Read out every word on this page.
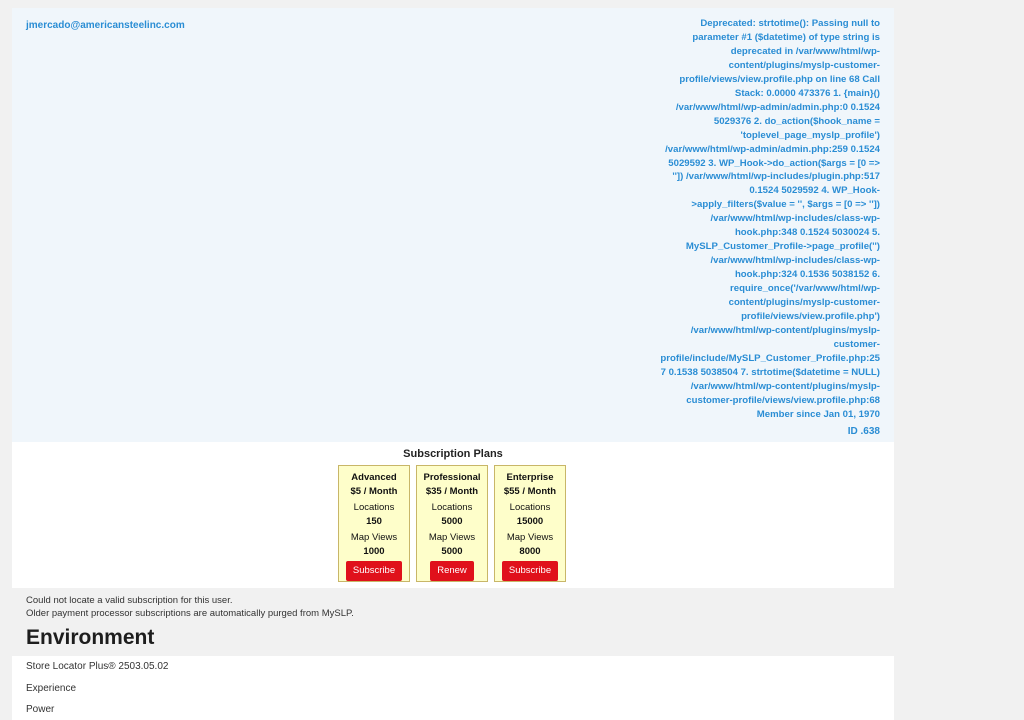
jmercado@americansteelinc.com	Deprecated: strtotime(): Passing null to parameter #1 ($datetime) of type string is deprecated in /var/www/html/wp-content/plugins/myslp-customer-profile/views/view.profile.php on line 68 Call Stack: 0.0000 473376 1. {main}() /var/www/html/wp-admin/admin.php:0 0.1524 5029376 2. do_action($hook_name = 'toplevel_page_myslp_profile') /var/www/html/wp-admin/admin.php:259 0.1524 5029592 3. WP_Hook->do_action($args = [0 => '']) /var/www/html/wp-includes/plugin.php:517 0.1524 5029592 4. WP_Hook->apply_filters($value = '', $args = [0 => '']) /var/www/html/wp-includes/class-wp-hook.php:348 0.1524 5030024 5. MySLP_Customer_Profile->page_profile('') /var/www/html/wp-includes/class-wp-hook.php:324 0.1536 5038152 6. require_once('/var/www/html/wp-content/plugins/myslp-customer-profile/views/view.profile.php') /var/www/html/wp-content/plugins/myslp-customer-profile/include/MySLP_Customer_Profile.php:257 0.1538 5038504 7. strtotime($datetime = NULL) /var/www/html/wp-content/plugins/myslp-customer-profile/views/view.profile.php:68 Member since Jan 01, 1970
ID .638
Subscription Plans
Advanced
$5 / Month
Locations
150
Map Views
1000
Subscribe
Professional
$35 / Month
Locations
5000
Map Views
5000
Renew
Enterprise
$55 / Month
Locations
15000
Map Views
8000
Subscribe
Could not locate a valid subscription for this user.
Older payment processor subscriptions are automatically purged from MySLP.
Environment
Store Locator Plus® 2503.05.02
Experience
Power
